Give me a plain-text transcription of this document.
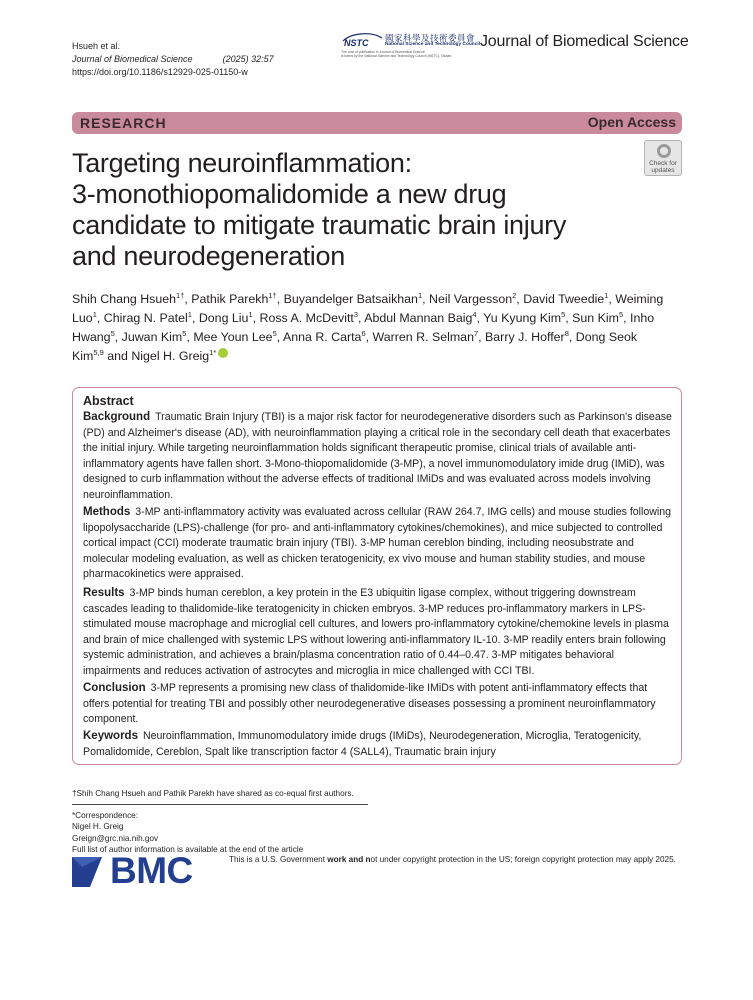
Hsueh et al.
Journal of Biomedical Science	(2025) 32:57
https://doi.org/10.1186/s12929-025-01150-w
NSTC 國家科學及技術委員會
National Science and Technology Council
The cost of publication in Journal of Biomedical Science
is bared by the National Science and Technology Council (NSTC), Taiwan.
Journal of Biomedical Science
RESEARCH	Open Access
Check for
updates
Targeting neuroinflammation:
3-monothiopomalidomide a new drug
candidate to mitigate traumatic brain injury
and neurodegeneration
Shih Chang Hsueh$^{1\dagger}$, Pathik Parekh$^{1\dagger}$, Buyandelger Batsaikhan$^1$, Neil Vargesson$^2$, David Tweedie$^1$, Weiming Luo$^1$, Chirag N. Patel$^1$, Dong Liu$^1$, Ross A. McDevitt$^3$, Abdul Mannan Baig$^4$, Yu Kyung Kim$^5$, Sun Kim$^5$, Inho Hwang$^5$, Juwan Kim$^5$, Mee Youn Lee$^5$, Anna R. Carta$^6$, Warren R. Selman$^7$, Barry J. Hoffer$^8$, Dong Seok Kim$^{5,9}$ and Nigel H. Greig$^{1*}$
Abstract
Background Traumatic Brain Injury (TBI) is a major risk factor for neurodegenerative disorders such as Parkinson's disease (PD) and Alzheimer's disease (AD), with neuroinflammation playing a critical role in the secondary cell death that exacerbates the initial injury. While targeting neuroinflammation holds significant therapeutic promise, clinical trials of available anti-inflammatory agents have fallen short. 3-Mono-thiopomalidomide (3-MP), a novel immunomodulatory imide drug (IMiD), was designed to curb inflammation without the adverse effects of traditional IMiDs and was evaluated across models involving neuroinflammation.
Methods 3-MP anti-inflammatory activity was evaluated across cellular (RAW 264.7, IMG cells) and mouse studies following lipopolysaccharide (LPS)-challenge (for pro- and anti-inflammatory cytokines/chemokines), and mice subjected to controlled cortical impact (CCI) moderate traumatic brain injury (TBI). 3-MP human cereblon binding, including neosubstrate and molecular modeling evaluation, as well as chicken teratogenicity, ex vivo mouse and human stability studies, and mouse pharmacokinetics were appraised.
Results 3-MP binds human cereblon, a key protein in the E3 ubiquitin ligase complex, without triggering downstream cascades leading to thalidomide-like teratogenicity in chicken embryos. 3-MP reduces pro-inflammatory markers in LPS-stimulated mouse macrophage and microglial cell cultures, and lowers pro-inflammatory cytokine/chemokine levels in plasma and brain of mice challenged with systemic LPS without lowering anti-inflammatory IL-10. 3-MP readily enters brain following systemic administration, and achieves a brain/plasma concentration ratio of 0.44–0.47. 3-MP mitigates behavioral impairments and reduces activation of astrocytes and microglia in mice challenged with CCI TBI.
Conclusion 3-MP represents a promising new class of thalidomide-like IMiDs with potent anti-inflammatory effects that offers potential for treating TBI and possibly other neurodegenerative diseases possessing a prominent neuroinflammatory component.
Keywords Neuroinflammation, Immunomodulatory imide drugs (IMiDs), Neurodegeneration, Microglia, Teratogenicity, Pomalidomide, Cereblon, Spalt like transcription factor 4 (SALL4), Traumatic brain injury
†Shih Chang Hsueh and Pathik Parekh have shared as co-equal first authors.
*Correspondence:
Nigel H. Greig
Greign@grc.nia.nih.gov
Full list of author information is available at the end of the article
BMC	This is a U.S. Government work and not under copyright protection in the US; foreign copyright protection may apply 2025.
